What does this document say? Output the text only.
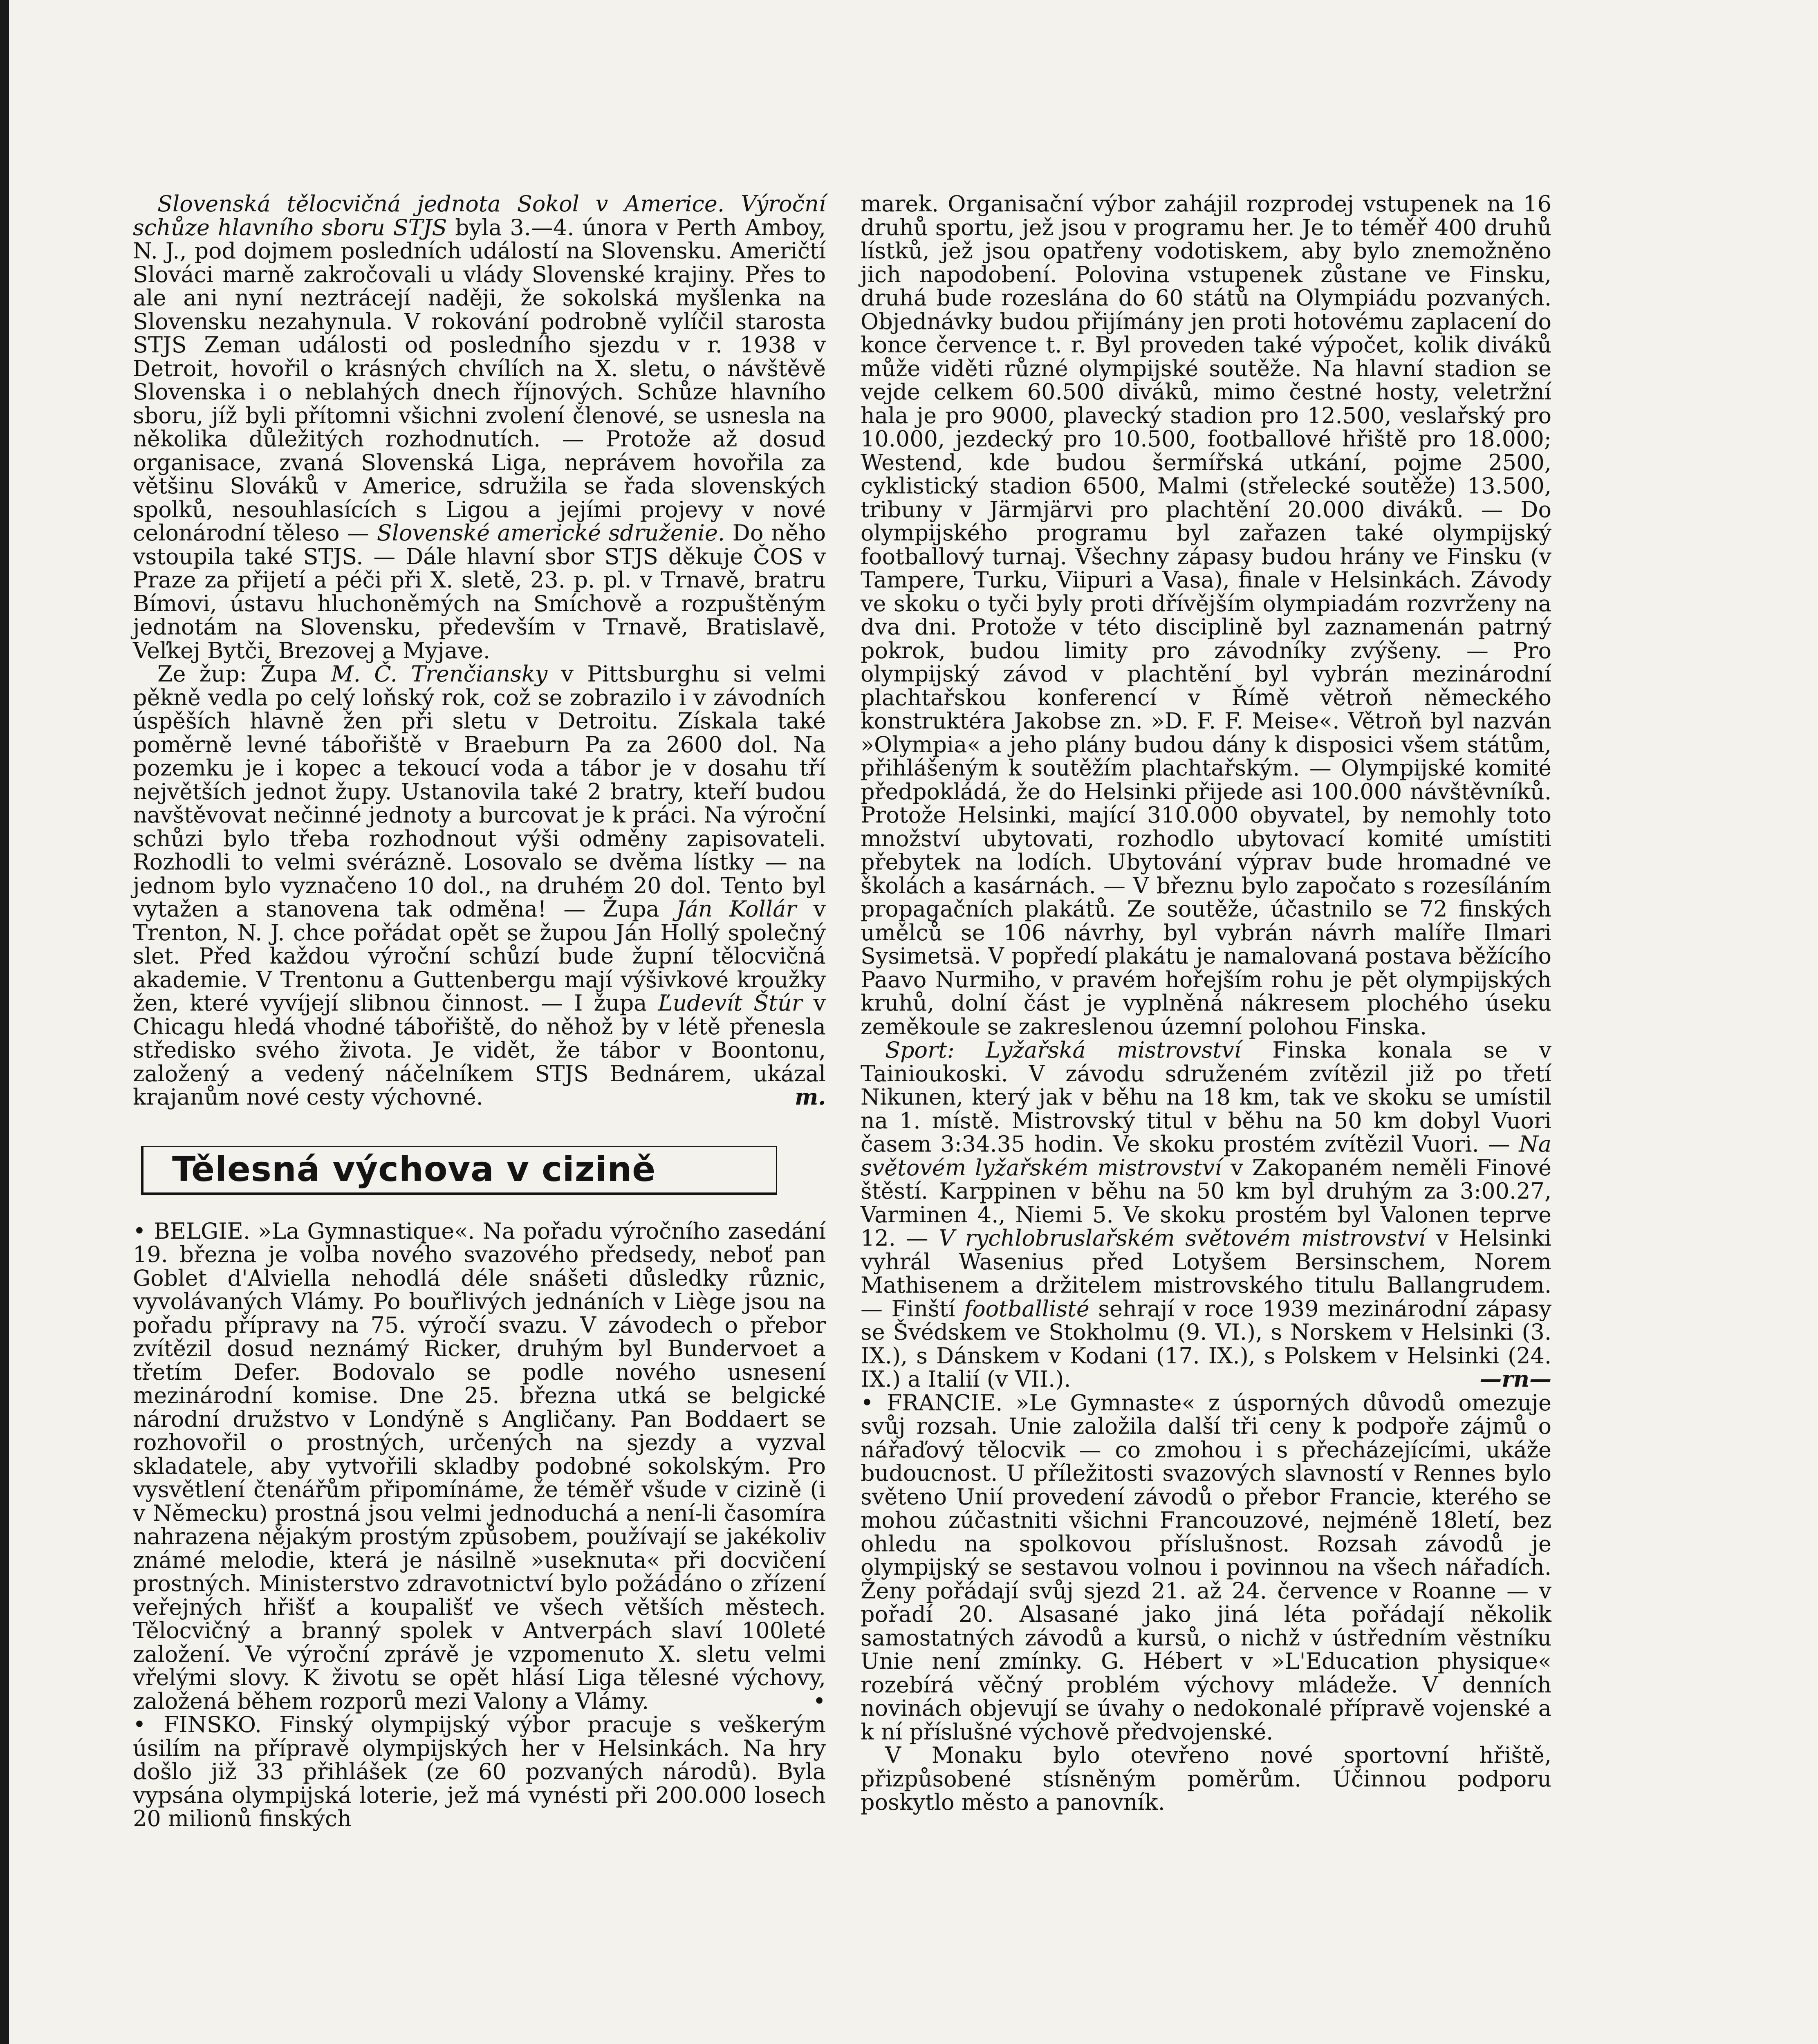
Slovenská tělocvičná jednota Sokol v Americe. Výroční schůze hlavního sboru STJS byla 3.—4. února v Perth Amboy, N. J., pod dojmem posledních událostí na Slovensku. Američtí Slováci marně zakročovali u vlády Slovenské krajiny. Přes to ale ani nyní neztrácejí naději, že sokolská myšlenka na Slovensku nezahynula. V rokování podrobně vylíčil starosta STJS Zeman události od posledního sjezdu v r. 1938 v Detroit, hovořil o krásných chvílích na X. sletu, o návštěvě Slovenska i o neblahých dnech říjnových. Schůze hlavního sboru, jíž byli přítomni všichni zvolení členové, se usnesla na několika důležitých rozhodnutích. — Protože až dosud organisace, zvaná Slovenská Liga, neprávem hovořila za většinu Slováků v Americe, sdružila se řada slovenských spolků, nesouhlasících s Ligou a jejími projevy v nové celonárodní těleso — Slovenské americké sdruženie. Do něho vstoupila také STJS. — Dále hlavní sbor STJS děkuje ČOS v Praze za přijetí a péči při X. sletě, 23. p. pl. v Trnavě, bratru Bímovi, ústavu hluchoněmých na Smíchově a rozpuštěným jednotám na Slovensku, především v Trnavě, Bratislavě, Veľkej Bytči, Brezovej a Myjave.

Ze žup: Župa M. Č. Trenčiansky v Pittsburghu si velmi pěkně vedla po celý loňský rok, což se zobrazilo i v závodních úspěších hlavně žen při sletu v Detroitu. Získala také poměrně levné tábořiště v Braeburn Pa za 2600 dol. Na pozemku je i kopec a tekoucí voda a tábor je v dosahu tří největších jednot župy. Ustanovila také 2 bratry, kteří budou navštěvovat nečinné jednoty a burcovat je k práci. Na výroční schůzi bylo třeba rozhodnout výši odměny zapisovateli. Rozhodli to velmi svérázně. Losovalo se dvěma lístky — na jednom bylo vyznačeno 10 dol., na druhém 20 dol. Tento byl vytažen a stanovena tak odměna! — Župa Ján Kollár v Trenton, N. J. chce pořádat opět se župou Ján Hollý společný slet. Před každou výroční schůzí bude župní tělocvičná akademie. V Trentonu a Guttenbergu mají výšivkové kroužky žen, které vyvíjejí slibnou činnost. — I župa Ľudevít Štúr v Chicagu hledá vhodné tábořiště, do něhož by v létě přenesla středisko svého života. Je vidět, že tábor v Boontonu, založený a vedený náčelníkem STJS Bednárem, ukázal krajanům nové cesty výchovné.	m.

Tělesná výchova v cizině

• BELGIE. »La Gymnastique«. Na pořadu výročního zasedání 19. března je volba nového svazového předsedy, neboť pan Goblet d'Alviella nehodlá déle snášeti důsledky různic, vyvolávaných Vlámy. Po bouřlivých jednáních v Liège jsou na pořadu přípravy na 75. výročí svazu. V závodech o přebor zvítězil dosud neznámý Ricker, druhým byl Bundervoet a třetím Defer. Bodovalo se podle nového usnesení mezinárodní komise. Dne 25. března utká se belgické národní družstvo v Londýně s Angličany. Pan Boddaert se rozhovořil o prostných, určených na sjezdy a vyzval skladatele, aby vytvořili skladby podobné sokolským. Pro vysvětlení čtenářům připomínáme, že téměř všude v cizině (i v Německu) prostná jsou velmi jednoduchá a není-li časomíra nahrazena nějakým prostým způsobem, používají se jakékoliv známé melodie, která je násilně »useknuta« při docvičení prostných. Ministerstvo zdravotnictví bylo požádáno o zřízení veřejných hřišť a koupališť ve všech větších městech. Tělocvičný a branný spolek v Antverpách slaví 100leté založení. Ve výroční zprávě je vzpomenuto X. sletu velmi vřelými slovy. K životu se opět hlásí Liga tělesné výchovy, založená během rozporů mezi Valony a Vlámy.	•

• FINSKO. Finský olympijský výbor pracuje s veškerým úsilím na přípravě olympijských her v Helsinkách. Na hry došlo již 33 přihlášek (ze 60 pozvaných národů). Byla vypsána olympijská loterie, jež má vynésti při 200.000 losech 20 milionů finských

marek. Organisační výbor zahájil rozprodej vstupenek na 16 druhů sportu, jež jsou v programu her. Je to téměř 400 druhů lístků, jež jsou opatřeny vodotiskem, aby bylo znemožněno jich napodobení. Polovina vstupenek zůstane ve Finsku, druhá bude rozeslána do 60 států na Olympiádu pozvaných. Objednávky budou přijímány jen proti hotovému zaplacení do konce července t. r. Byl proveden také výpočet, kolik diváků může viděti různé olympijské soutěže. Na hlavní stadion se vejde celkem 60.500 diváků, mimo čestné hosty, veletržní hala je pro 9000, plavecký stadion pro 12.500, veslařský pro 10.000, jezdecký pro 10.500, footballové hřiště pro 18.000; Westend, kde budou šermířská utkání, pojme 2500, cyklistický stadion 6500, Malmi (střelecké soutěže) 13.500, tribuny v Järmjärvi pro plachtění 20.000 diváků. — Do olympijského programu byl zařazen také olympijský footballový turnaj. Všechny zápasy budou hrány ve Finsku (v Tampere, Turku, Viipuri a Vasa), finale v Helsinkách. Závody ve skoku o tyči byly proti dřívějším olympiadám rozvrženy na dva dni. Protože v této disciplině byl zaznamenán patrný pokrok, budou limity pro závodníky zvýšeny. — Pro olympijský závod v plachtění byl vybrán mezinárodní plachtařskou konferencí v Římě větroň německého konstruktéra Jakobse zn. »D. F. F. Meise«. Větroň byl nazván »Olympia« a jeho plány budou dány k disposici všem státům, přihlášeným k soutěžím plachtařským. — Olympijské komité předpokládá, že do Helsinki přijede asi 100.000 návštěvníků. Protože Helsinki, mající 310.000 obyvatel, by nemohly toto množství ubytovati, rozhodlo ubytovací komité umístiti přebytek na lodích. Ubytování výprav bude hromadné ve školách a kasárnách. — V březnu bylo započato s rozesíláním propagačních plakátů. Ze soutěže, účastnilo se 72 finských umělců se 106 návrhy, byl vybrán návrh malíře Ilmari Sysimetsä. V popředí plakátu je namalovaná postava běžícího Paavo Nurmiho, v pravém hořejším rohu je pět olympijských kruhů, dolní část je vyplněná nákresem plochého úseku zeměkoule se zakreslenou územní polohou Finska.

Sport: Lyžařská mistrovství Finska konala se v Tainioukoski. V závodu sdruženém zvítězil již po třetí Nikunen, který jak v běhu na 18 km, tak ve skoku se umístil na 1. místě. Mistrovský titul v běhu na 50 km dobyl Vuori časem 3:34.35 hodin. Ve skoku prostém zvítězil Vuori. — Na světovém lyžařském mistrovství v Zakopaném neměli Finové štěstí. Karppinen v běhu na 50 km byl druhým za 3:00.27, Varminen 4., Niemi 5. Ve skoku prostém byl Valonen teprve 12. — V rychlobruslařském světovém mistrovství v Helsinki vyhrál Wasenius před Lotyšem Bersinschem, Norem Mathisenem a držitelem mistrovského titulu Ballangrudem. — Finští footballisté sehrají v roce 1939 mezinárodní zápasy se Švédskem ve Stokholmu (9. VI.), s Norskem v Helsinki (3. IX.), s Dánskem v Kodani (17. IX.), s Polskem v Helsinki (24. IX.) a Italií (v VII.).	—rn—

• FRANCIE. »Le Gymnaste« z úsporných důvodů omezuje svůj rozsah. Unie založila další tři ceny k podpoře zájmů o nářaďový tělocvik — co zmohou i s přecházejícími, ukáže budoucnost. U příležitosti svazových slavností v Rennes bylo světeno Unií provedení závodů o přebor Francie, kterého se mohou zúčastniti všichni Francouzové, nejméně 18letí, bez ohledu na spolkovou příslušnost. Rozsah závodů je olympijský se sestavou volnou i povinnou na všech nářadích. Ženy pořádají svůj sjezd 21. až 24. července v Roanne — v pořadí 20. Alsasané jako jiná léta pořádají několik samostatných závodů a kursů, o nichž v ústředním věstníku Unie není zmínky. G. Hébert v »L'Education physique« rozebírá věčný problém výchovy mládeže. V denních novinách objevují se úvahy o nedokonalé přípravě vojenské a k ní příslušné výchově předvojenské.

V Monaku bylo otevřeno nové sportovní hřiště, přizpůsobené stísněným poměrům. Účinnou podporu poskytlo město a panovník.
